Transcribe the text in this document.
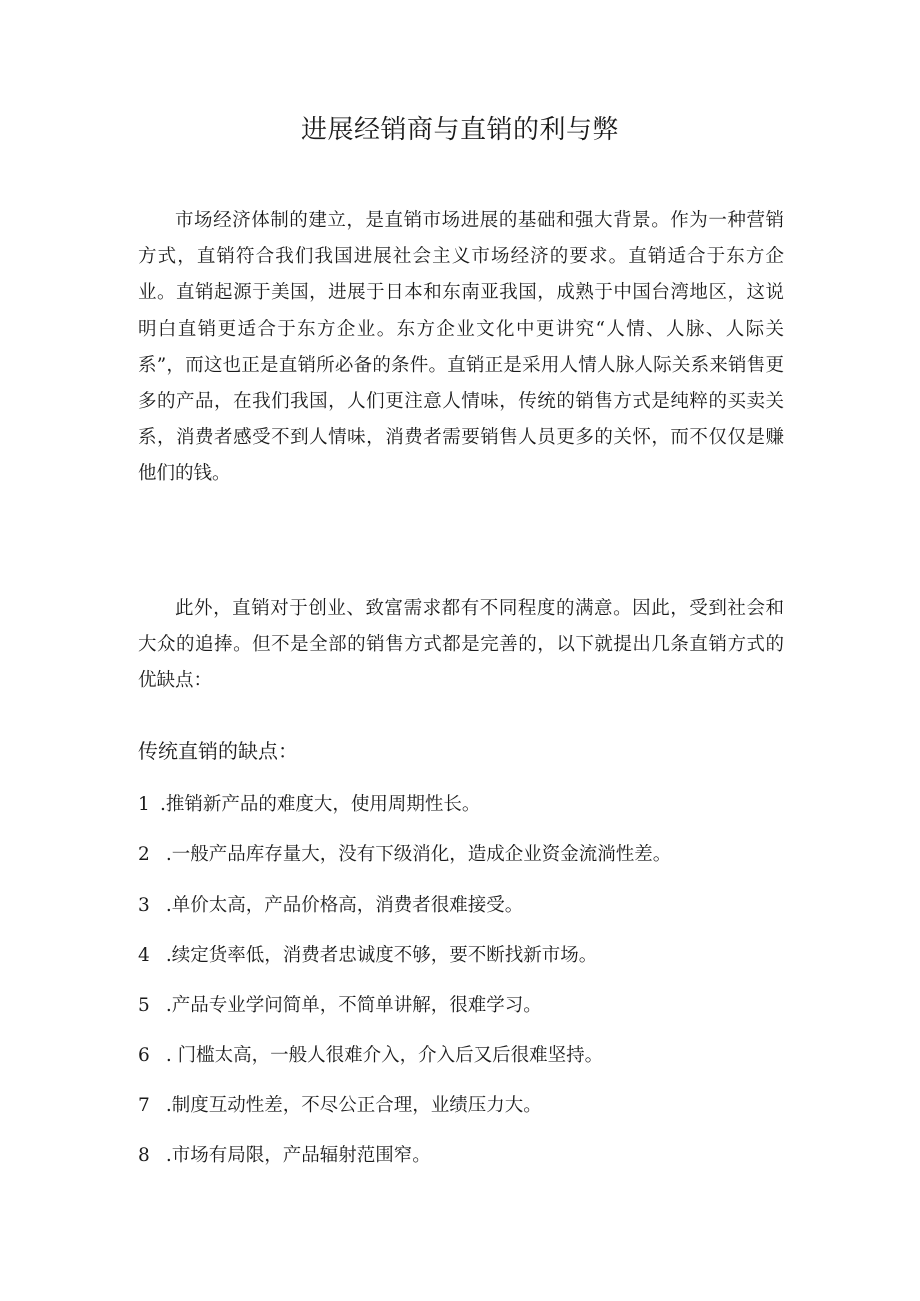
进展经销商与直销的利与弊

市场经济体制的建立，是直销市场进展的基础和强大背景。作为一种营销方式，直销符合我们我国进展社会主义市场经济的要求。直销适合于东方企业。直销起源于美国，进展于日本和东南亚我国，成熟于中国台湾地区，这说明白直销更适合于东方企业。东方企业文化中更讲究“人情、人脉、人际关系”，而这也正是直销所必备的条件。直销正是采用人情人脉人际关系来销售更多的产品，在我们我国，人们更注意人情味，传统的销售方式是纯粹的买卖关系，消费者感受不到人情味，消费者需要销售人员更多的关怀，而不仅仅是赚他们的钱。

此外，直销对于创业、致富需求都有不同程度的满意。因此，受到社会和大众的追捧。但不是全部的销售方式都是完善的，以下就提出几条直销方式的优缺点：

传统直销的缺点：
1 .推销新产品的难度大，使用周期性长。
2 .一般产品库存量大，没有下级消化，造成企业资金流淌性差。
3 .单价太高，产品价格高，消费者很难接受。
4 .续定货率低，消费者忠诚度不够，要不断找新市场。
5 .产品专业学问简单，不简单讲解，很难学习。
6 . 门槛太高，一般人很难介入，介入后又后很难坚持。
7 .制度互动性差，不尽公正合理，业绩压力大。
8 .市场有局限，产品辐射范围窄。
